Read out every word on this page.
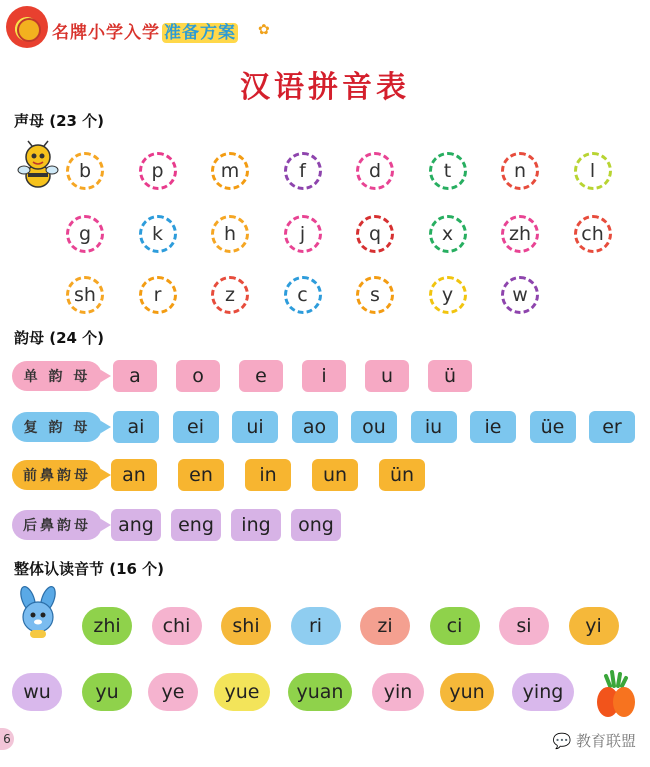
名牌小学入学 准备方案 ✿
汉语拼音表
声母 (23 个)
b	p	m	f	d	t	n	l
g	k	h	j	q	x	zh	ch
sh	r	z	c	s	y	w
韵母 (24 个)
单 韵 母	a	o	e	i	u	ü
复 韵 母	ai	ei	ui	ao	ou	iu	ie	üe	er
前鼻韵母	an	en	in	un	ün
后鼻韵母	ang	eng	ing	ong
整体认读音节 (16 个)
zhi	chi	shi	ri	zi	ci	si	yi
wu	yu	ye	yue	yuan	yin	yun	ying
6	💬 教育联盟
